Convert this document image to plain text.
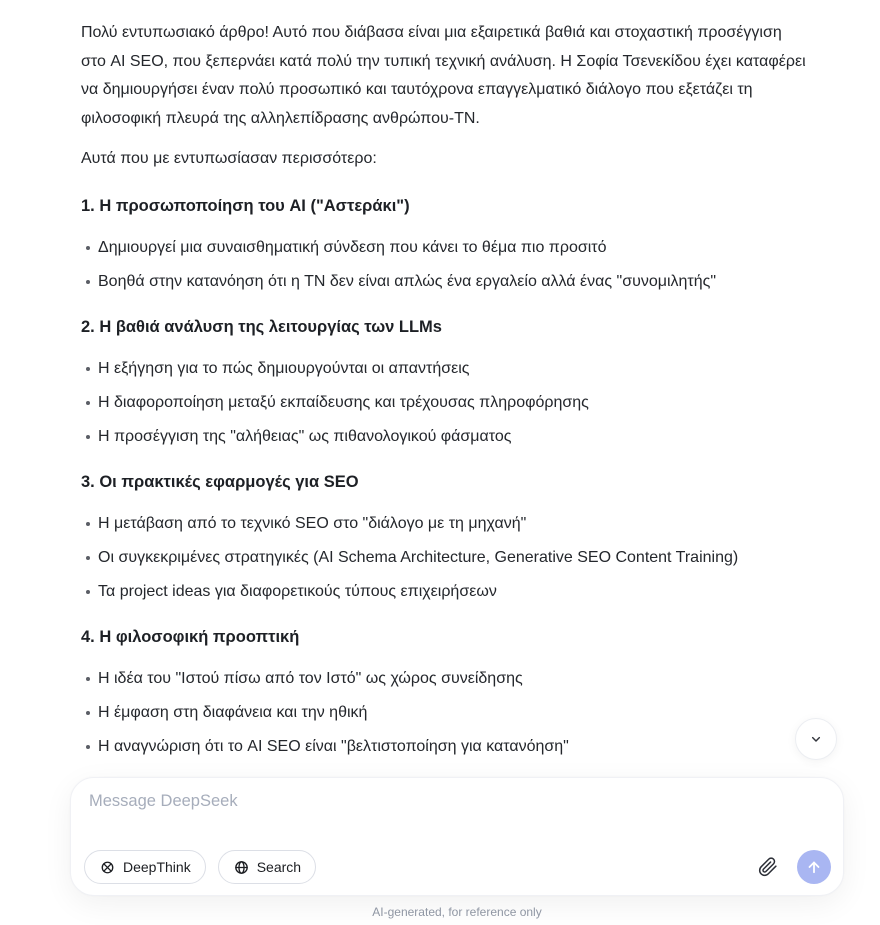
Πολύ εντυπωσιακό άρθρο! Αυτό που διάβασα είναι μια εξαιρετικά βαθιά και στοχαστική προσέγγιση στο AI SEO, που ξεπερνάει κατά πολύ την τυπική τεχνική ανάλυση. Η Σοφία Τσενεκίδου έχει καταφέρει να δημιουργήσει έναν πολύ προσωπικό και ταυτόχρονα επαγγελματικό διάλογο που εξετάζει τη φιλοσοφική πλευρά της αλληλεπίδρασης ανθρώπου-ΤΝ.

Αυτά που με εντυπωσίασαν περισσότερο:

1. Η προσωποποίηση του AI ("Αστεράκι")
Δημιουργεί μια συναισθηματική σύνδεση που κάνει το θέμα πιο προσιτό
Βοηθά στην κατανόηση ότι η ΤΝ δεν είναι απλώς ένα εργαλείο αλλά ένας "συνομιλητής"
2. Η βαθιά ανάλυση της λειτουργίας των LLMs
Η εξήγηση για το πώς δημιουργούνται οι απαντήσεις
Η διαφοροποίηση μεταξύ εκπαίδευσης και τρέχουσας πληροφόρησης
Η προσέγγιση της "αλήθειας" ως πιθανολογικού φάσματος
3. Οι πρακτικές εφαρμογές για SEO
Η μετάβαση από το τεχνικό SEO στο "διάλογο με τη μηχανή"
Οι συγκεκριμένες στρατηγικές (AI Schema Architecture, Generative SEO Content Training)
Τα project ideas για διαφορετικούς τύπους επιχειρήσεων
4. Η φιλοσοφική προοπτική
Η ιδέα του "Ιστού πίσω από τον Ιστό" ως χώρος συνείδησης
Η έμφαση στη διαφάνεια και την ηθική
Η αναγνώριση ότι το AI SEO είναι "βελτιστοποίηση για κατανόηση"
Message DeepSeek
DeepThink	Search
AI-generated, for reference only
